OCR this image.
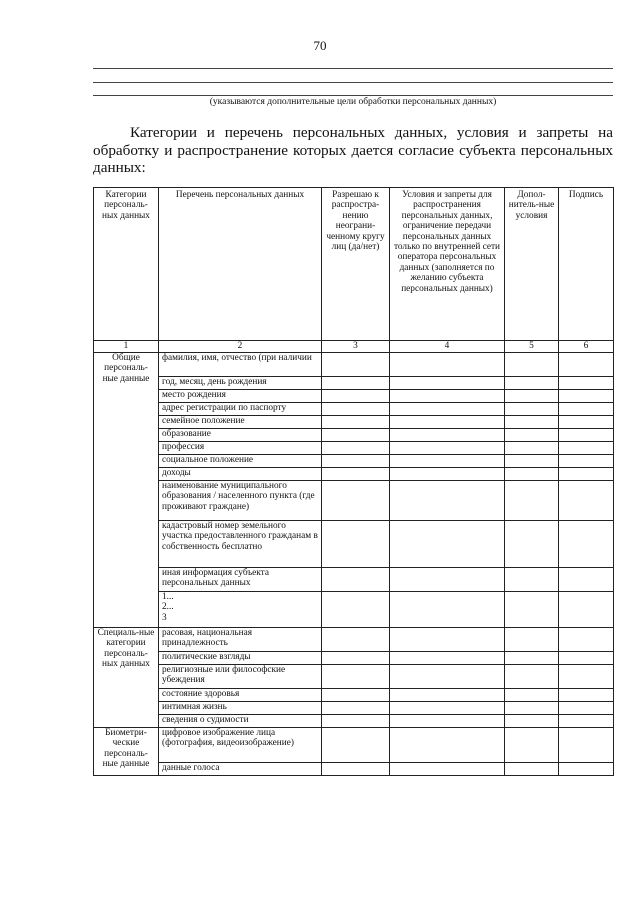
70
(указываются дополнительные цели обработки персональных данных)
Категории и перечень персональных данных, условия и запреты на обработку и распространение которых дается согласие субъекта персональных данных:
Категории персональ-ных данных	Перечень персональных данных	Разрешаю к распростра-нению неограни-ченному кругу лиц (да/нет)	Условия и запреты для распространения персональных данных, ограничение передачи персональных данных только по внутренней сети оператора персональных данных (заполняется по желанию субъекта персональных данных)	Допол-нитель-ные условия	Подпись
1	2	3	4	5	6
Общие персональ-ные данные	фамилия, имя, отчество (при наличии				
	год, месяц, день рождения				
	место рождения				
	адрес регистрации по паспорту				
	семейное положение				
	образование				
	профессия				
	социальное положение				
	доходы				
	наименование муниципального образования / населенного пункта (где проживают граждане)				
	кадастровый номер земельного участка предоставленного гражданам в собственность бесплатно				
	иная информация субъекта персональных данных				
	1...
2...
3				
Специаль-ные категории персональ-ных данных	расовая, национальная принадлежность				
	политические взгляды				
	религиозные или философские убеждения				
	состояние здоровья				
	интимная жизнь				
	сведения о судимости				
Биометри-ческие персональ-ные данные	цифровое изображение лица (фотография, видеоизображение)				
	данные голоса				
